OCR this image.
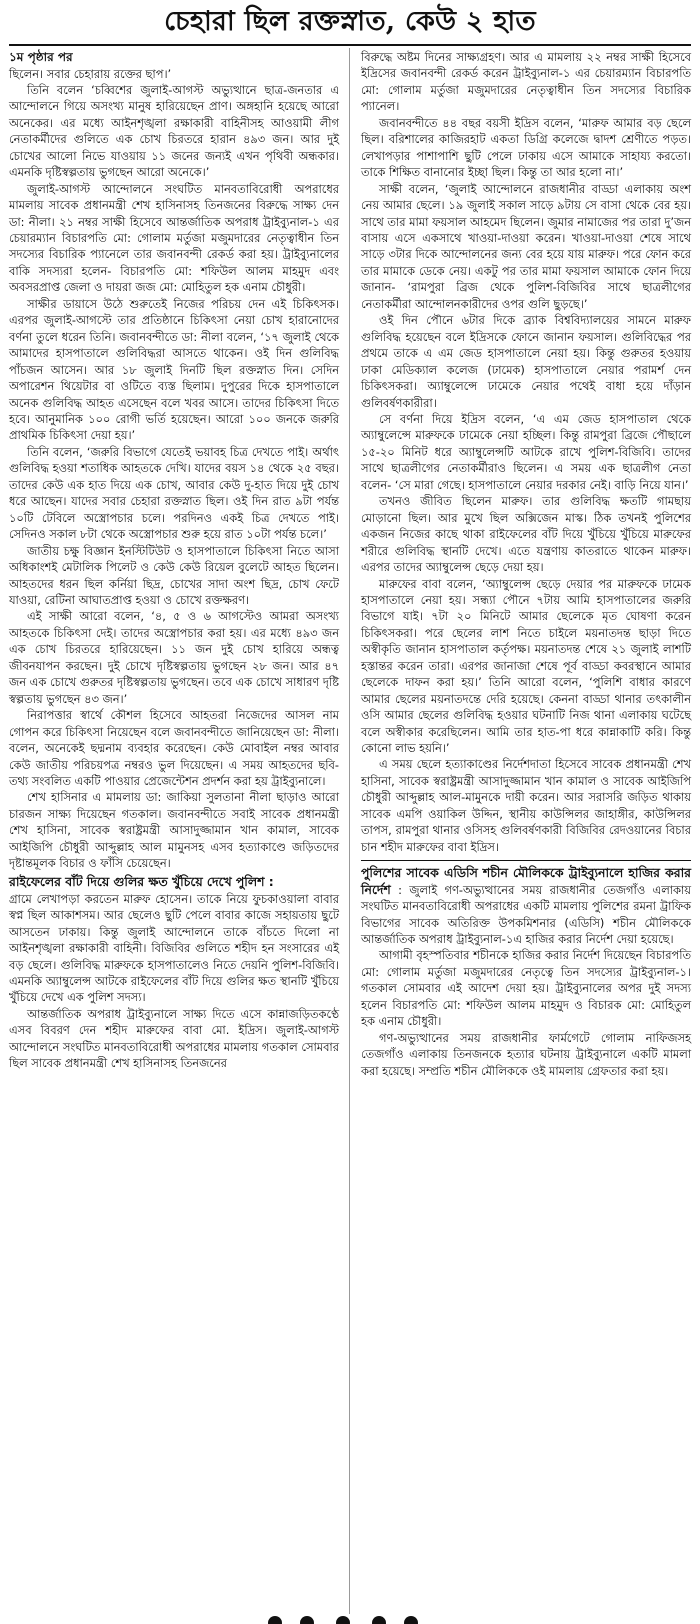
চেহারা ছিল রক্তস্নাত, কেউ ২ হাত
১ম পৃষ্ঠার পর

ছিলেন। সবার চেহারায় রক্তের ছাপ।’

তিনি বলেন ‘চব্বিশের জুলাই-আগস্ট অভ্যুত্থানে ছাত্র-জনতার এ আন্দোলনে গিয়ে অসংখ্য মানুষ হারিয়েছেন প্রাণ। অঙ্গহানি হয়েছে আরো অনেকের। এর মধ্যে আইনশৃঙ্খলা রক্ষাকারী বাহিনীসহ আওয়ামী লীগ নেতাকর্মীদের গুলিতে এক চোখ চিরতরে হারান ৪৯৩ জন। আর দুই চোখের আলো নিভে যাওয়ায় ১১ জনের জন্যই এখন পৃথিবী অন্ধকার। এমনকি দৃষ্টিস্বল্পতায় ভুগছেন আরো অনেকে।’

জুলাই-আগস্ট আন্দোলনে সংঘটিত মানবতাবিরোধী অপরাধের মামলায় সাবেক প্রধানমন্ত্রী শেখ হাসিনাসহ তিনজনের বিরুদ্ধে সাক্ষ্য দেন ডা: নীলা। ২১ নম্বর সাক্ষী হিসেবে আন্তর্জাতিক অপরাধ ট্রাইব্যুনাল-১ এর চেয়ারম্যান বিচারপতি মো: গোলাম মর্তুজা মজুমদারের নেতৃত্বাধীন তিন সদস্যের বিচারিক প্যানেলে তার জবানবন্দী রেকর্ড করা হয়। ট্রাইব্যুনালের বাকি সদস্যরা হলেন- বিচারপতি মো: শফিউল আলম মাহমুদ এবং অবসরপ্রাপ্ত জেলা ও দায়রা জজ মো: মোহিতুল হক এনাম চৌধুরী।

সাক্ষীর ডায়াসে উঠে শুরুতেই নিজের পরিচয় দেন এই চিকিৎসক। এরপর জুলাই-আগস্টে তার প্রতিষ্ঠানে চিকিৎসা নেয়া চোখ হারানোদের বর্ণনা তুলে ধরেন তিনি। জবানবন্দীতে ডা: নীলা বলেন, ‘১৭ জুলাই থেকে আমাদের হাসপাতালে গুলিবিদ্ধরা আসতে থাকেন। ওই দিন গুলিবিদ্ধ পাঁচজন আসেন। আর ১৮ জুলাই দিনটি ছিল রক্তস্নাত দিন। সেদিন অপারেশন থিয়েটার বা ওটিতে ব্যস্ত ছিলাম। দুপুরের দিকে হাসপাতালে অনেক গুলিবিদ্ধ আহত এসেছেন বলে খবর আসে। তাদের চিকিৎসা দিতে হবে। আনুমানিক ১০০ রোগী ভর্তি হয়েছেন। আরো ১০০ জনকে জরুরি প্রাথমিক চিকিৎসা দেয়া হয়।’

তিনি বলেন, ‘জরুরি বিভাগে যেতেই ভয়াবহ চিত্র দেখতে পাই। অর্থাৎ গুলিবিদ্ধ হওয়া শতাধিক আহতকে দেখি। যাদের বয়স ১৪ থেকে ২৫ বছর। তাদের কেউ এক হাত দিয়ে এক চোখ, আবার কেউ দু-হাত দিয়ে দুই চোখ ধরে আছেন। যাদের সবার চেহারা রক্তস্নাত ছিল। ওই দিন রাত ৯টা পর্যন্ত ১০টি টেবিলে অস্ত্রোপচার চলে। পরদিনও একই চিত্র দেখতে পাই। সেদিনও সকাল ৮টা থেকে অস্ত্রোপচার শুরু হয়ে রাত ১০টা পর্যন্ত চলে।’

জাতীয় চক্ষু বিজ্ঞান ইনস্টিটিউট ও হাসপাতালে চিকিৎসা নিতে আসা অধিকাংশই মেটালিক পিলেট ও কেউ কেউ রিয়েল বুলেটে আহত ছিলেন। আহতদের ধরন ছিল কর্নিয়া ছিদ্র, চোখের সাদা অংশ ছিদ্র, চোখ ফেটে যাওয়া, রেটিনা আঘাতপ্রাপ্ত হওয়া ও চোখে রক্তক্ষরণ।

এই সাক্ষী আরো বলেন, ‘৪, ৫ ও ৬ আগস্টেও আমরা অসংখ্য আহতকে চিকিৎসা দেই। তাদের অস্ত্রোপচার করা হয়। এর মধ্যে ৪৯৩ জন এক চোখ চিরতরে হারিয়েছেন। ১১ জন দুই চোখ হারিয়ে অন্ধত্ব জীবনযাপন করছেন। দুই চোখে দৃষ্টিস্বল্পতায় ভুগছেন ২৮ জন। আর ৪৭ জন এক চোখে গুরুতর দৃষ্টিস্বল্পতায় ভুগছেন। তবে এক চোখে সাধারণ দৃষ্টি স্বল্পতায় ভুগছেন ৪৩ জন।’

নিরাপত্তার স্বার্থে কৌশল হিসেবে আহতরা নিজেদের আসল নাম গোপন করে চিকিৎসা নিয়েছেন বলে জবানবন্দীতে জানিয়েছেন ডা: নীলা। বলেন, অনেকেই ছদ্মনাম ব্যবহার করেছেন। কেউ মোবাইল নম্বর আবার কেউ জাতীয় পরিচয়পত্র নম্বরও ভুল দিয়েছেন। এ সময় আহতদের ছবি-তথ্য সংবলিত একটি পাওয়ার প্রেজেন্টেশন প্রদর্শন করা হয় ট্রাইব্যুনালে।

শেখ হাসিনার এ মামলায় ডা: জাকিয়া সুলতানা নীলা ছাড়াও আরো চারজন সাক্ষ্য দিয়েছেন গতকাল। জবানবন্দীতে সবাই সাবেক প্রধানমন্ত্রী শেখ হাসিনা, সাবেক স্বরাষ্ট্রমন্ত্রী আসাদুজ্জামান খান কামাল, সাবেক আইজিপি চৌধুরী আব্দুল্লাহ আল মামুনসহ এসব হত্যাকাণ্ডে জড়িতদের দৃষ্টান্তমূলক বিচার ও ফাঁসি চেয়েছেন।

রাইফেলের বাঁট দিয়ে গুলির ক্ষত খুঁচিয়ে দেখে পুলিশ :

গ্রামে লেখাপড়া করতেন মারুফ হোসেন। তাকে নিয়ে ফুচকাওয়ালা বাবার স্বপ্ন ছিল আকাশসম। আর ছেলেও ছুটি পেলে বাবার কাজে সহায়তায় ছুটে আসতেন ঢাকায়। কিন্তু জুলাই আন্দোলনে তাকে বাঁচতে দিলো না আইনশৃঙ্খলা রক্ষাকারী বাহিনী। বিজিবির গুলিতে শহীদ হন সংসারের এই বড় ছেলে। গুলিবিদ্ধ মারুফকে হাসপাতালেও নিতে দেয়নি পুলিশ-বিজিবি। এমনকি অ্যাম্বুলেন্স আটকে রাইফেলের বাঁট দিয়ে গুলির ক্ষত স্থানটি খুঁচিয়ে খুঁচিয়ে দেখে এক পুলিশ সদস্য।

আন্তর্জাতিক অপরাধ ট্রাইব্যুনালে সাক্ষ্য দিতে এসে কান্নাজড়িতকণ্ঠে এসব বিবরণ দেন শহীদ মারুফের বাবা মো. ইদ্রিস। জুলাই-আগস্ট আন্দোলনে সংঘটিত মানবতাবিরোধী অপরাধের মামলায় গতকাল সোমবার ছিল সাবেক প্রধানমন্ত্রী শেখ হাসিনাসহ তিনজনের

বিরুদ্ধে অষ্টম দিনের সাক্ষ্যগ্রহণ। আর এ মামলায় ২২ নম্বর সাক্ষী হিসেবে ইদ্রিসের জবানবন্দী রেকর্ড করেন ট্রাইব্যুনাল-১ এর চেয়ারম্যান বিচারপতি মো: গোলাম মর্তুজা মজুমদারের নেতৃত্বাধীন তিন সদস্যের বিচারিক প্যানেল।

জবানবন্দীতে ৪৪ বছর বয়সী ইদ্রিস বলেন, ‘মারুফ আমার বড় ছেলে ছিল। বরিশালের কাজিরহাট একতা ডিগ্রি কলেজে দ্বাদশ শ্রেণীতে পড়ত। লেখাপড়ার পাশাপাশি ছুটি পেলে ঢাকায় এসে আমাকে সাহায্য করতো। তাকে শিক্ষিত বানানোর ইচ্ছা ছিল। কিন্তু তা আর হলো না।’

সাক্ষী বলেন, ‘জুলাই আন্দোলনে রাজধানীর বাড্ডা এলাকায় অংশ নেয় আমার ছেলে। ১৯ জুলাই সকাল সাড়ে ৯টায় সে বাসা থেকে বের হয়। সাথে তার মামা ফয়সাল আহমেদ ছিলেন। জুমার নামাজের পর তারা দু’জন বাসায় এসে একসাথে খাওয়া-দাওয়া করেন। খাওয়া-দাওয়া শেষে সাথে সাড়ে ৩টার দিকে আন্দোলনের জন্য বের হয়ে যায় মারুফ। পরে ফোন করে তার মামাকে ডেকে নেয়। একটু পর তার মামা ফয়সাল আমাকে ফোন দিয়ে জানান- ‘রামপুরা ব্রিজ থেকে পুলিশ-বিজিবির সাথে ছাত্রলীগের নেতাকর্মীরা আন্দোলনকারীদের ওপর গুলি ছুড়ছে।’

ওই দিন পৌনে ৬টার দিকে ব্র্যাক বিশ্ববিদ্যালয়ের সামনে মারুফ গুলিবিদ্ধ হয়েছেন বলে ইদ্রিসকে ফোনে জানান ফয়সাল। গুলিবিদ্ধের পর প্রথমে তাকে এ এম জেড হাসপাতালে নেয়া হয়। কিন্তু গুরুতর হওয়ায় ঢাকা মেডিক্যাল কলেজ (ঢামেক) হাসপাতালে নেয়ার পরামর্শ দেন চিকিৎসকরা। অ্যাম্বুলেন্সে ঢামেকে নেয়ার পথেই বাধা হয়ে দাঁড়ান গুলিবর্ষণকারীরা।

সে বর্ণনা দিয়ে ইদ্রিস বলেন, ‘এ এম জেড হাসপাতাল থেকে অ্যাম্বুলেন্সে মারুফকে ঢামেকে নেয়া হচ্ছিল। কিন্তু রামপুরা ব্রিজে পৌছালে ১৫-২০ মিনিট ধরে অ্যাম্বুলেন্সটি আটকে রাখে পুলিশ-বিজিবি। তাদের সাথে ছাত্রলীগের নেতাকর্মীরাও ছিলেন। এ সময় এক ছাত্রলীগ নেতা বলেন- ‘সে মারা গেছে। হাসপাতালে নেয়ার দরকার নেই। বাড়ি নিয়ে যান।’

তখনও জীবিত ছিলেন মারুফ। তার গুলিবিদ্ধ ক্ষতটি গামছায় মোড়ানো ছিল। আর মুখে ছিল অক্সিজেন মাস্ক। ঠিক তখনই পুলিশের একজন নিজের কাছে থাকা রাইফেলের বাঁট দিয়ে খুঁচিয়ে খুঁচিয়ে মারুফের শরীরে গুলিবিদ্ধ স্থানটি দেখে। এতে যন্ত্রণায় কাতরাতে থাকেন মারুফ। এরপর তাদের অ্যাম্বুলেন্স ছেড়ে দেয়া হয়।

মারুফের বাবা বলেন, ‘অ্যাম্বুলেন্স ছেড়ে দেয়ার পর মারুফকে ঢামেক হাসপাতালে নেয়া হয়। সন্ধ্যা পৌনে ৭টায় আমি হাসপাতালের জরুরি বিভাগে যাই। ৭টা ২০ মিনিটে আমার ছেলেকে মৃত ঘোষণা করেন চিকিৎসকরা। পরে ছেলের লাশ নিতে চাইলে ময়নাতদন্ত ছাড়া দিতে অস্বীকৃতি জানান হাসপাতাল কর্তৃপক্ষ। ময়নাতদন্ত শেষে ২১ জুলাই লাশটি হস্তান্তর করেন তারা। এরপর জানাজা শেষে পূর্ব বাড্ডা কবরস্থানে আমার ছেলেকে দাফন করা হয়।’ তিনি আরো বলেন, ‘পুলিশি বাধার কারণে আমার ছেলের ময়নাতদন্তে দেরি হয়েছে। কেননা বাড্ডা থানার তৎকালীন ওসি আমার ছেলের গুলিবিদ্ধ হওয়ার ঘটনাটি নিজ থানা এলাকায় ঘটেছে বলে অস্বীকার করেছিলেন। আমি তার হাত-পা ধরে কান্নাকাটি করি। কিন্তু কোনো লাভ হয়নি।’

এ সময় ছেলে হত্যাকাণ্ডের নির্দেশদাতা হিসেবে সাবেক প্রধানমন্ত্রী শেখ হাসিনা, সাবেক স্বরাষ্ট্রমন্ত্রী আসাদুজ্জামান খান কামাল ও সাবেক আইজিপি চৌধুরী আব্দুল্লাহ আল-মামুনকে দায়ী করেন। আর সরাসরি জড়িত থাকায় সাবেক এমপি ওয়াকিল উদ্দিন, স্থানীয় কাউন্সিলর জাহাঙ্গীর, কাউন্সিলর তাপস, রামপুরা থানার ওসিসহ গুলিবর্ষণকারী বিজিবির রেদওয়ানের বিচার চান শহীদ মারুফের বাবা ইদ্রিস।

পুলিশের সাবেক এডিসি শচীন মৌলিককে ট্রাইব্যুনালে হাজির করার নির্দেশ : জুলাই গণ-অভ্যুত্থানের সময় রাজধানীর তেজগাঁও এলাকায় সংঘটিত মানবতাবিরোধী অপরাধের একটি মামলায় পুলিশের রমনা ট্রাফিক বিভাগের সাবেক অতিরিক্ত উপকমিশনার (এডিসি) শচীন মৌলিককে আন্তর্জাতিক অপরাধ ট্রাইব্যুনাল-১এ হাজির করার নির্দেশ দেয়া হয়েছে।

আগামী বৃহস্পতিবার শচীনকে হাজির করার নির্দেশ দিয়েছেন বিচারপতি মো: গোলাম মর্তুজা মজুমদারের নেতৃত্বে তিন সদস্যের ট্রাইব্যুনাল-১। গতকাল সোমবার এই আদেশ দেয়া হয়। ট্রাইব্যুনালের অপর দুই সদস্য হলেন বিচারপতি মো: শফিউল আলম মাহমুদ ও বিচারক মো: মোহিতুল হক এনাম চৌধুরী।

গণ-অভ্যুত্থানের সময় রাজধানীর ফার্মগেটে গোলাম নাফিজসহ তেজগাঁও এলাকায় তিনজনকে হত্যার ঘটনায় ট্রাইব্যুনালে একটি মামলা করা হয়েছে। সম্প্রতি শচীন মৌলিককে ওই মামলায় গ্রেফতার করা হয়।
